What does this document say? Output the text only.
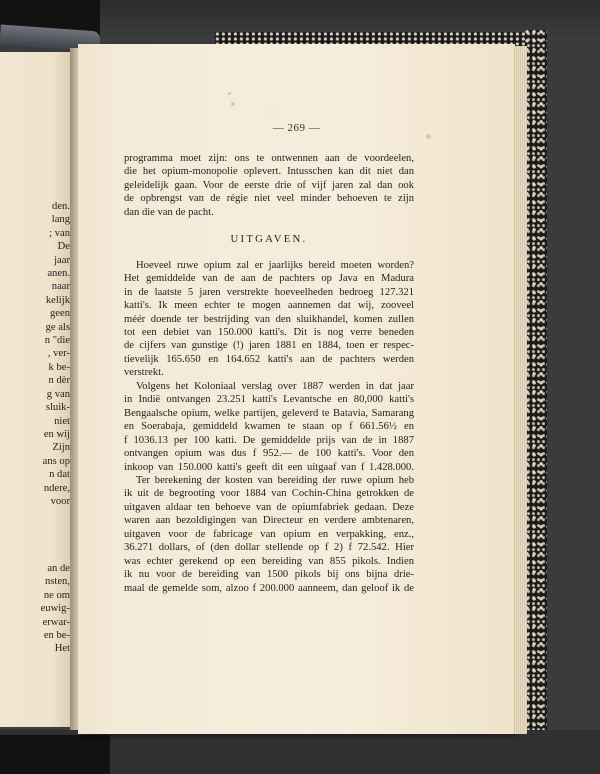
den.
lang
; van
De
jaar
anen.
naar
kelijk
geen
ge als
n "die
, ver-
k be-
n dèr
g van
sluik-
niet
en wij
Zijn
ans op
n dat
ndere,
voor

an de
nsten,
ne om
euwig-
erwar-
en be-
Het
— 269 —
programma moet zijn: ons te ontwennen aan de voordeelen,
die het opium-monopolie oplevert. Intusschen kan dit niet dan
geleidelijk gaan. Voor de eerste drie of vijf jaren zal dan ook
de opbrengst van de régie niet veel minder behoeven te zijn
dan die van de pacht.
UITGAVEN.
Hoeveel ruwe opium zal er jaarlijks bereid moeten worden?
Het gemiddelde van de aan de pachters op Java en Madura
in de laatste 5 jaren verstrekte hoeveelheden bedroeg 127.321
katti's. Ik meen echter te mogen aannemen dat wij, zooveel
méér doende ter bestrijding van den sluikhandel, komen zullen
tot een debiet van 150.000 katti's. Dit is nog verre beneden
de cijfers van gunstige (!) jaren 1881 en 1884, toen er respec-
tievelijk 165.650 en 164.652 katti's aan de pachters werden
verstrekt.
Volgens het Koloniaal verslag over 1887 werden in dat jaar
in Indië ontvangen 23.251 katti's Levantsche en 80,000 katti's
Bengaalsche opium, welke partijen, geleverd te Batavia, Samarang
en Soerabaja, gemiddeld kwamen te staan op f 661.56½ en
f 1036.13 per 100 katti. De gemiddelde prijs van de in 1887
ontvangen opium was dus f 952.— de 100 katti's. Voor den
inkoop van 150.000 katti's geeft dit een uitgaaf van f 1.428.000.
Ter berekening der kosten van bereiding der ruwe opium heb
ik uit de begrooting voor 1884 van Cochin-China getrokken de
uitgaven aldaar ten behoeve van de opiumfabriek gedaan. Deze
waren aan bezoldigingen van Directeur en verdere ambtenaren,
uitgaven voor de fabricage van opium en verpakking, enz.,
36.271 dollars, of (den dollar stellende op f 2) f 72.542. Hier
was echter gerekend op een bereiding van 855 pikols. Indien
ik nu voor de bereiding van 1500 pikols bij ons bijna drie-
maal de gemelde som, alzoo f 200.000 aanneem, dan geloof ik de
